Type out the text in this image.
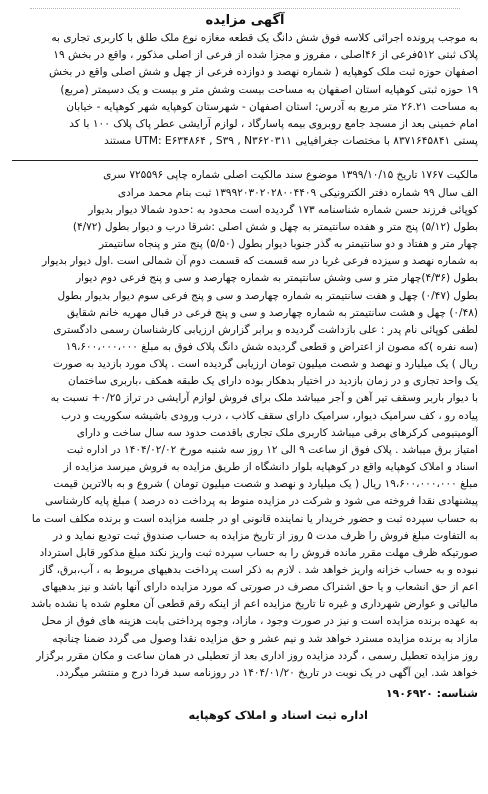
آگهی مزایده
به موجب پرونده اجرائی کلاسه فوق شش دانگ یک قطعه مغازه نوع ملک طلق با کاربری تجاری به
پلاک ثبتی ۵۱۲فرعی از ۴۶اصلی ، مفروز و مجزا شده از فرعی از اصلی مذکور ، واقع در بخش ۱۹
اصفهان حوزه ثبت ملک کوهپایه ( شماره نهصد و دوازده فرعی از چهل و شش اصلی واقع در بخش
۱۹ حوزه ثبتی کوهپایه استان اصفهان به مساحت بیست وشش متر و بیست و یک دسیمتر (مربع)
به مساحت ۲۶.۲۱ متر مربع به آدرس: استان اصفهان - شهرستان کوهپایه شهر کوهپایه - خیابان
امام خمینی بعد از مسجد جامع روبروی بیمه پاسارگاد ، لوازم آرایشی عطر پاک پلاک ۱۰۰ با کد
پستی ۸۳۷۱۶۴۵۸۴۱ با مختصات جغرافیایی UTM: E۶۳۴۸۶۴ , S۳۹ , N۳۶۲۰۳۱۱ مستند
مالکیت ۱۷۶۷ تاریخ ۱۳۹۹/۱۰/۱۵ موضوع سند مالکیت اصلی شماره چاپی ۷۲۵۵۹۶ سری
الف سال ۹۹ شماره دفتر الکترونیکی ۱۳۹۹۲۰۳۰۲۰۲۸۰۰۴۴۰۹ ثبت بنام محمد مرادی
کوپائی فرزند حسن شماره شناسنامه ۱۷۳ گردیده است محدود به :حدود شمالا دیوار بدیوار
بطول (۵/۱۲) پنج متر و هفده سانتیمتر به چهل و شش اصلی :شرقا درب و دیوار بطول (۴/۷۲)
چهار متر و هفتاد و دو سانتیمتر به گذر جنوبا دیوار بطول (۵/۵۰) پنج متر و پنجاه سانتیمتر
به شماره نهصد و سیزده فرعی غربا در سه قسمت که قسمت دوم آن شمالی است .اول دیوار بدیوار
بطول (۴/۳۶)چهار متر و سی وشش سانتیمتر به شماره چهارصد و سی و پنج فرعی دوم دیوار
بطول (۰/۴۷) چهل و هفت سانتیمتر به شماره چهارصد و سی و پنج فرعی سوم دیوار بدیوار بطول
(۰/۴۸) چهل و هشت سانتیمتر به شماره چهارصد و سی و پنج فرعی در قبال مهریه خانم شقایق
لطفی کوپائی نام پدر : علی بازداشت گردیده و برابر گزارش ارزیابی کارشناسان رسمی دادگستری
(سه نفره )که مصون از اعتراض و قطعی گردیده شش دانگ پلاک فوق به مبلغ ۱۹،۶۰۰،۰۰۰،۰۰۰
ریال ) یک میلیارد و نهصد و شصت میلیون تومان ارزیابی گردیده است . پلاک مورد بازدید به صورت
یک واحد تجاری و در زمان بازدید در اختیار بدهکار بوده دارای یک طبقه همکف ،باربری ساختمان
با دیوار باربر وسقف تیر آهن و آجر میباشد ملک برای فروش لوازم آرایشی در تراز ۰/۲۵+ نسبت به
پیاده رو ، کف سرامیک دیوار، سرامیک دارای سقف کاذب ، درب ورودی باشیشه سکوریت و درب
آلومینیومی کرکرهای برقی میباشد کاربری ملک تجاری باقدمت حدود سه سال ساخت و دارای
امتیاز برق میباشد . پلاک فوق از ساعت ۹ الی ۱۲ روز سه شنبه مورخ ۱۴۰۴/۰۲/۰۲ در اداره ثبت
اسناد و املاک کوهپایه واقع در کوهپایه بلوار دانشگاه از طریق مزایده به فروش میرسد مزایده از
مبلغ ۱۹،۶۰۰،۰۰۰،۰۰۰ ریال ( یک میلیارد و نهصد و شصت میلیون تومان ) شروع و به بالاترین قیمت
پیشنهادی نقدا فروخته می شود و شرکت در مزایده منوط به پرداخت ده درصد ) مبلغ پایه کارشناسی
به حساب سپرده ثبت و حضور خریدار یا نماینده قانونی او در جلسه مزایده است و برنده مکلف است ما
به التفاوت مبلغ فروش را ظرف مدت ۵ روز از تاریخ مزایده به حساب صندوق ثبت تودیع نماید و در
صورتیکه ظرف مهلت مقرر مانده فروش را به حساب سپرده ثبت واریز نکند مبلغ مذکور قابل استرداد
نبوده و به حساب خزانه واریز خواهد شد . لازم به ذکر است پرداخت بدهیهای مربوط به ، آب،برق، گاز
اعم از حق انشعاب و یا حق اشتراک مصرف در صورتی که مورد مزایده دارای آنها باشد و نیز بدهیهای
مالیاتی و عوارض شهرداری و غیره تا تاریخ مزایده اعم از اینکه رقم قطعی آن معلوم شده یا نشده باشد
به عهده برنده مزایده است و نیز در صورت وجود ، مازاد، وجوه پرداختی بابت هزینه های فوق از محل
مازاد به برنده مزایده مسترد خواهد شد و نیم عشر و حق مزایده نقدا وصول می گردد ضمنا چنانچه
روز مزایده تعطیل رسمی ، گردد مزایده روز اداری بعد از تعطیلی در همان ساعت و مکان مقرر برگزار
خواهد شد. این آگهی در یک نوبت در تاریخ ۱۴۰۴/۰۱/۲۰ در روزنامه سبد فردا درج و منتشر میگردد.
شناسه: ۱۹۰۶۹۲۰
اداره ثبت اسناد و املاک کوهپایه
